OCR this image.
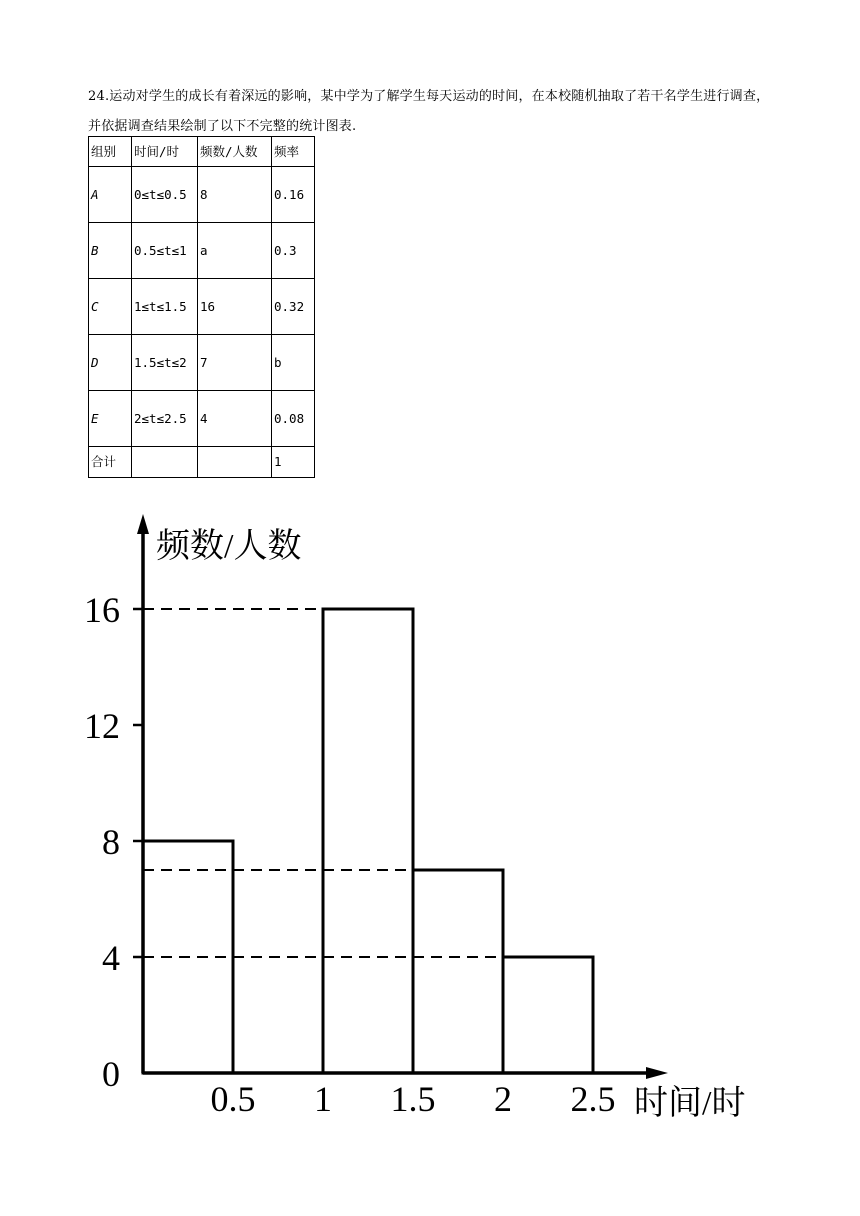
24.运动对学生的成长有着深远的影响，某中学为了解学生每天运动的时间，在本校随机抽取了若干名学生进行调查，并依据调查结果绘制了以下不完整的统计图表.
组别	时间/时	频数/人数	频率
A	0≤t≤0.5	8	0.16
B	0.5≤t≤1	a	0.3
C	1≤t≤1.5	16	0.32
D	1.5≤t≤2	7	b
E	2≤t≤2.5	4	0.08
合计			1
0
4
8
12
16
0.5 1 1.5 2 2.5
频数/人数
时间/时
